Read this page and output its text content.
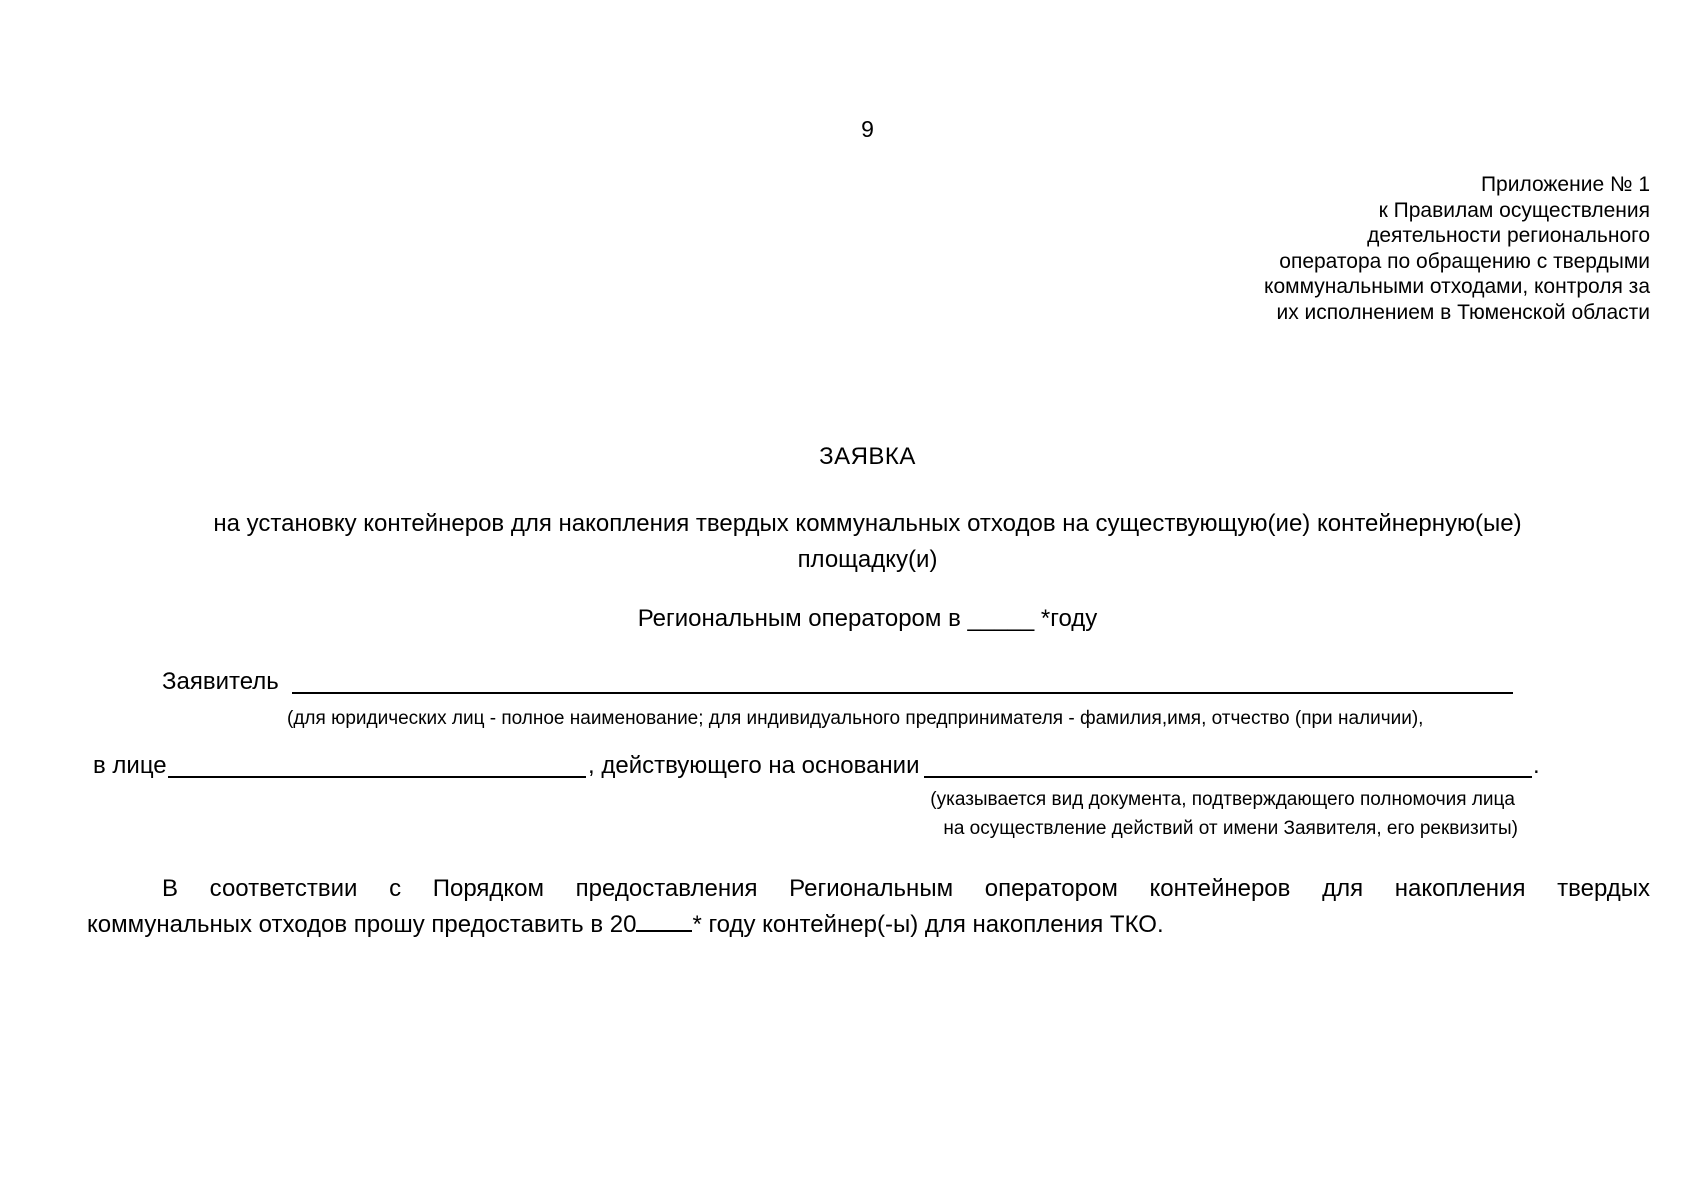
9
Приложение № 1
к Правилам осуществления
деятельности регионального
оператора по обращению с твердыми
коммунальными отходами, контроля за
их исполнением в Тюменской области
ЗАЯВКА
на установку контейнеров для накопления твердых коммунальных отходов на существующую(ие) контейнерную(ые)
площадку(и)
Региональным оператором в _____ *году
Заявитель
(для юридических лиц - полное наименование; для индивидуального предпринимателя - фамилия,имя, отчество (при наличии),
в лице	, действующего на основании	.
(указывается вид документа, подтверждающего полномочия лица
на осуществление действий от имени Заявителя, его реквизиты)
В соответствии с Порядком предоставления Региональным оператором контейнеров для накопления твердых
коммунальных отходов прошу предоставить в 20 * году контейнер(-ы) для накопления ТКО.
